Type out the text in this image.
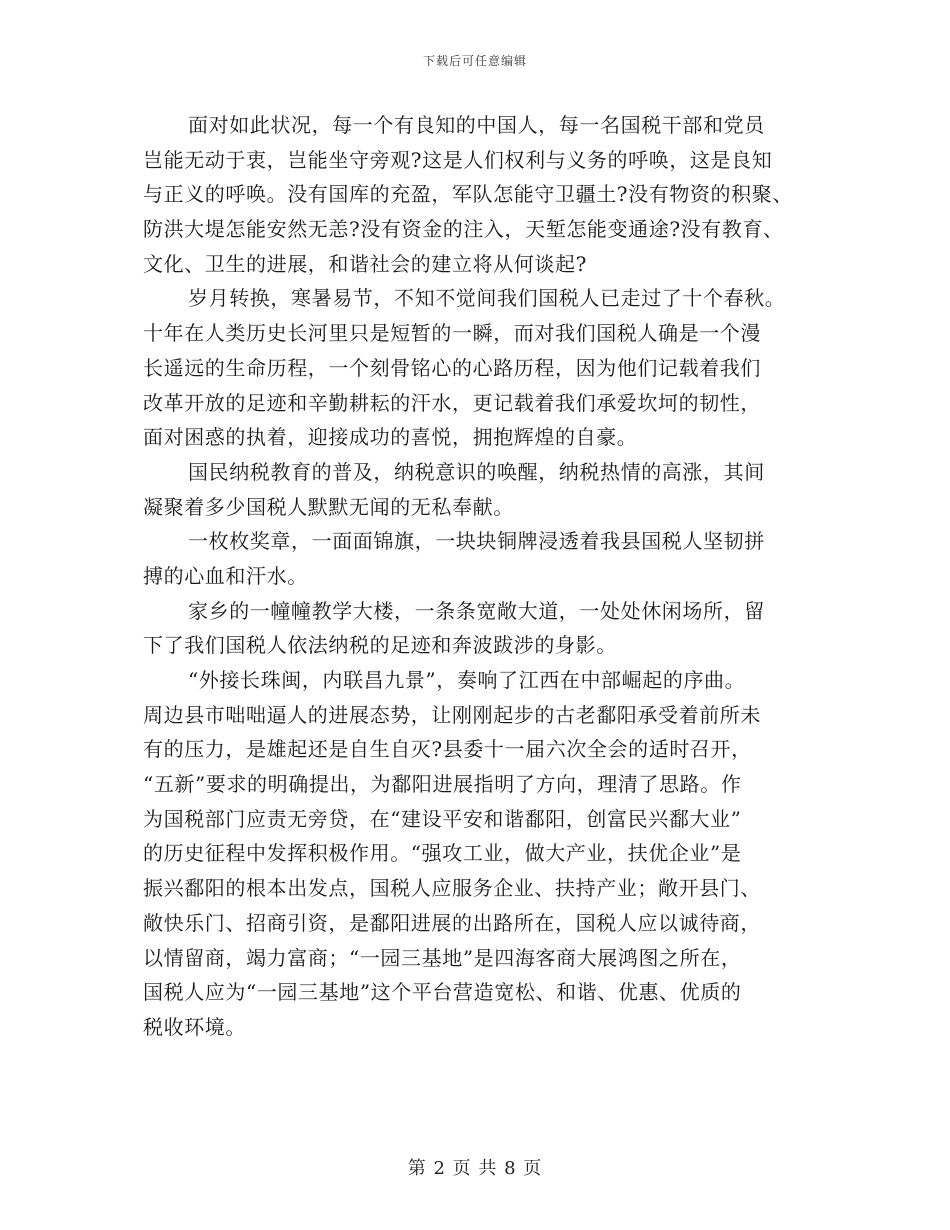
下载后可任意编辑
面对如此状况，每一个有良知的中国人，每一名国税干部和党员
岂能无动于衷，岂能坐守旁观?这是人们权利与义务的呼唤，这是良知
与正义的呼唤。没有国库的充盈，军队怎能守卫疆土?没有物资的积聚、
防洪大堤怎能安然无恙?没有资金的注入，天堑怎能变通途?没有教育、
文化、卫生的进展，和谐社会的建立将从何谈起?
岁月转换，寒暑易节，不知不觉间我们国税人已走过了十个春秋。
十年在人类历史长河里只是短暂的一瞬，而对我们国税人确是一个漫
长遥远的生命历程，一个刻骨铭心的心路历程，因为他们记载着我们
改革开放的足迹和辛勤耕耘的汗水，更记载着我们承爱坎坷的韧性，
面对困惑的执着，迎接成功的喜悦，拥抱辉煌的自豪。
国民纳税教育的普及，纳税意识的唤醒，纳税热情的高涨，其间
凝聚着多少国税人默默无闻的无私奉献。
一枚枚奖章，一面面锦旗，一块块铜牌浸透着我县国税人坚韧拼
搏的心血和汗水。
家乡的一幢幢教学大楼，一条条宽敞大道，一处处休闲场所，留
下了我们国税人依法纳税的足迹和奔波跋涉的身影。
“外接长珠闽，内联昌九景”，奏响了江西在中部崛起的序曲。
周边县市咄咄逼人的进展态势，让刚刚起步的古老鄱阳承受着前所未
有的压力，是雄起还是自生自灭?县委十一届六次全会的适时召开，
“五新”要求的明确提出，为鄱阳进展指明了方向，理清了思路。作
为国税部门应责无旁贷，在“建设平安和谐鄱阳，创富民兴鄱大业”
的历史征程中发挥积极作用。“强攻工业，做大产业，扶优企业”是
振兴鄱阳的根本出发点，国税人应服务企业、扶持产业；敞开县门、
敞快乐门、招商引资，是鄱阳进展的出路所在，国税人应以诚待商，
以情留商，竭力富商；“一园三基地”是四海客商大展鸿图之所在，
国税人应为“一园三基地”这个平台营造宽松、和谐、优惠、优质的
税收环境。
第 2 页 共 8 页
